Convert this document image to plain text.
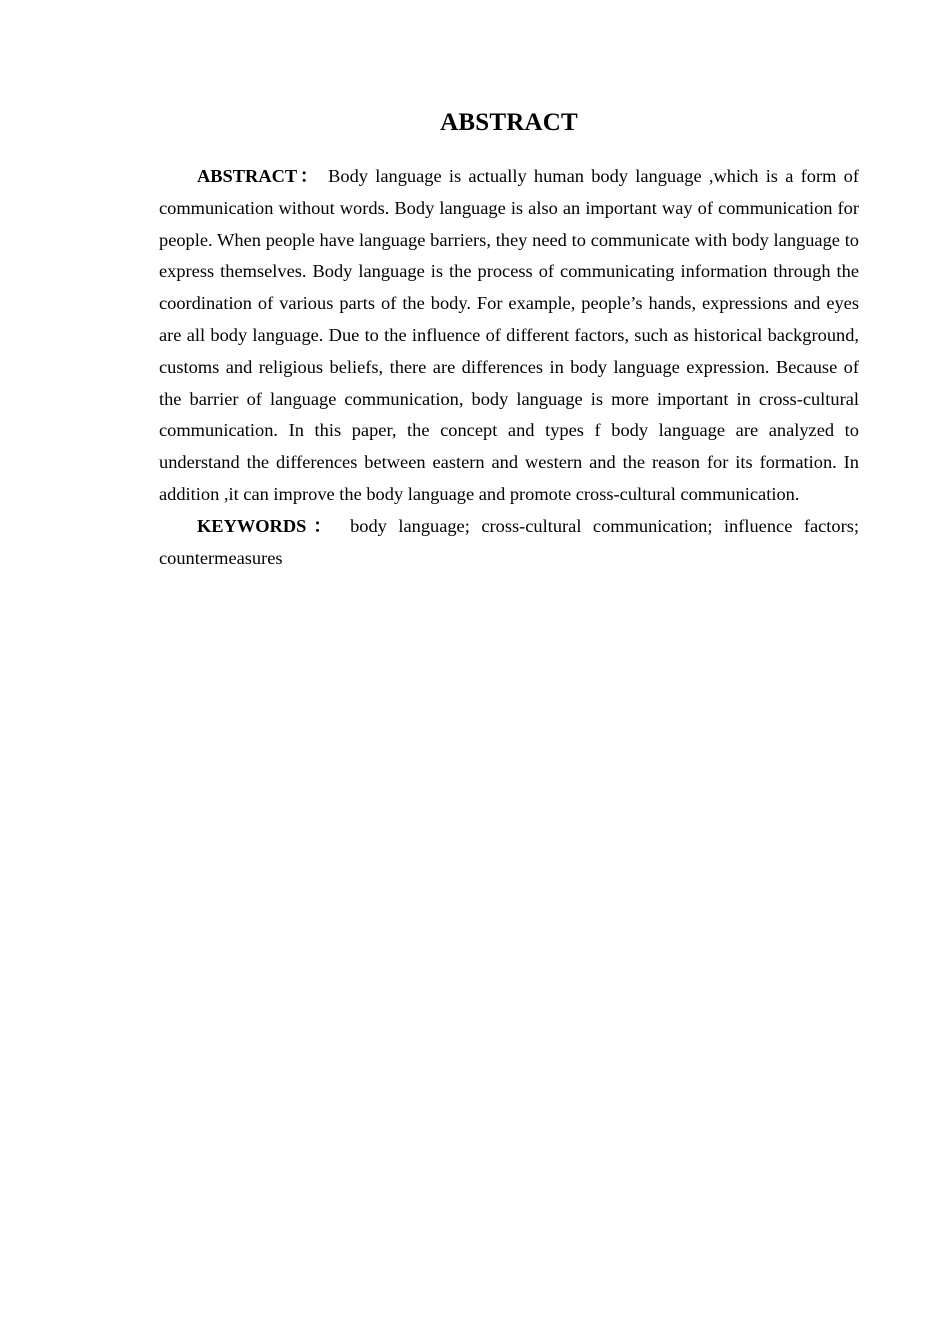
ABSTRACT

ABSTRACT： Body language is actually human body language ,which is a form of communication without words. Body language is also an important way of communication for people. When people have language barriers, they need to communicate with body language to express themselves. Body language is the process of communicating information through the coordination of various parts of the body. For example, people’s hands, expressions and eyes are all body language. Due to the influence of different factors, such as historical background, customs and religious beliefs, there are differences in body language expression. Because of the barrier of language communication, body language is more important in cross-cultural communication. In this paper, the concept and types f body language are analyzed to understand the differences between eastern and western and the reason for its formation. In addition ,it can improve the body language and promote cross-cultural communication.

KEYWORDS： body language; cross-cultural communication; influence factors; countermeasures
